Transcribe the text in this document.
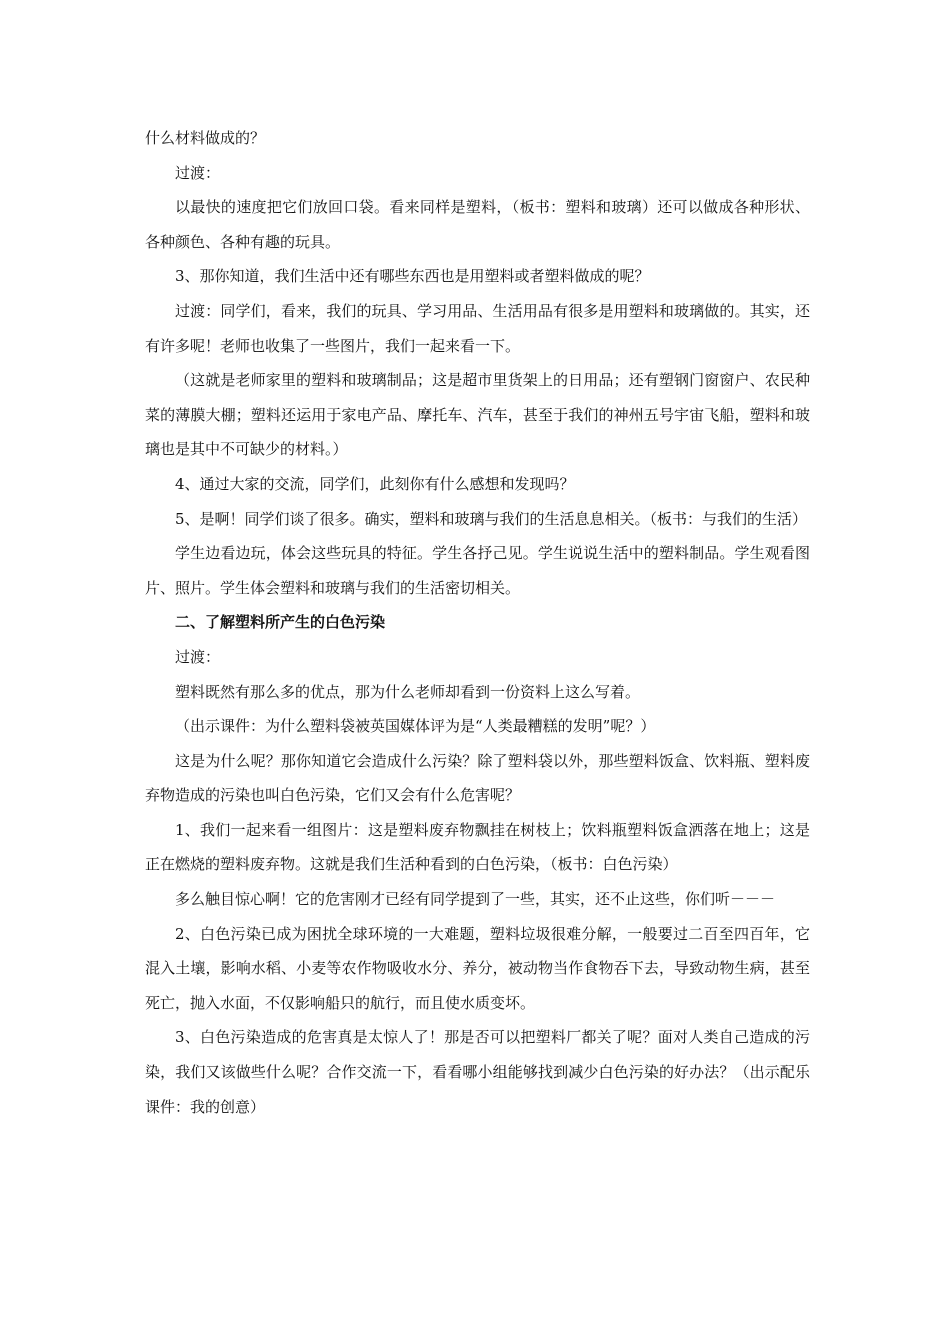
什么材料做成的？

过渡：

以最快的速度把它们放回口袋。看来同样是塑料，（板书：塑料和玻璃）还可以做成各种形状、各种颜色、各种有趣的玩具。

3、那你知道，我们生活中还有哪些东西也是用塑料或者塑料做成的呢？

过渡：同学们，看来，我们的玩具、学习用品、生活用品有很多是用塑料和玻璃做的。其实，还有许多呢！老师也收集了一些图片，我们一起来看一下。

（这就是老师家里的塑料和玻璃制品；这是超市里货架上的日用品；还有塑钢门窗窗户、农民种菜的薄膜大棚；塑料还运用于家电产品、摩托车、汽车，甚至于我们的神州五号宇宙飞船，塑料和玻璃也是其中不可缺少的材料。）

4、通过大家的交流，同学们，此刻你有什么感想和发现吗？

5、是啊！同学们谈了很多。确实，塑料和玻璃与我们的生活息息相关。（板书：与我们的生活）

学生边看边玩，体会这些玩具的特征。学生各抒己见。学生说说生活中的塑料制品。学生观看图片、照片。学生体会塑料和玻璃与我们的生活密切相关。

二、了解塑料所产生的白色污染

过渡：

塑料既然有那么多的优点，那为什么老师却看到一份资料上这么写着。

（出示课件：为什么塑料袋被英国媒体评为是“人类最糟糕的发明”呢？）

这是为什么呢？那你知道它会造成什么污染？除了塑料袋以外，那些塑料饭盒、饮料瓶、塑料废弃物造成的污染也叫白色污染，它们又会有什么危害呢？

1、我们一起来看一组图片：这是塑料废弃物飘挂在树枝上；饮料瓶塑料饭盒洒落在地上；这是正在燃烧的塑料废弃物。这就是我们生活种看到的白色污染，（板书：白色污染）

多么触目惊心啊！它的危害刚才已经有同学提到了一些，其实，还不止这些，你们听－－－

2、白色污染已成为困扰全球环境的一大难题，塑料垃圾很难分解，一般要过二百至四百年，它混入土壤，影响水稻、小麦等农作物吸收水分、养分，被动物当作食物吞下去，导致动物生病，甚至死亡，抛入水面，不仅影响船只的航行，而且使水质变坏。

3、白色污染造成的危害真是太惊人了！那是否可以把塑料厂都关了呢？面对人类自己造成的污染，我们又该做些什么呢？合作交流一下，看看哪小组能够找到减少白色污染的好办法？（出示配乐课件：我的创意）
